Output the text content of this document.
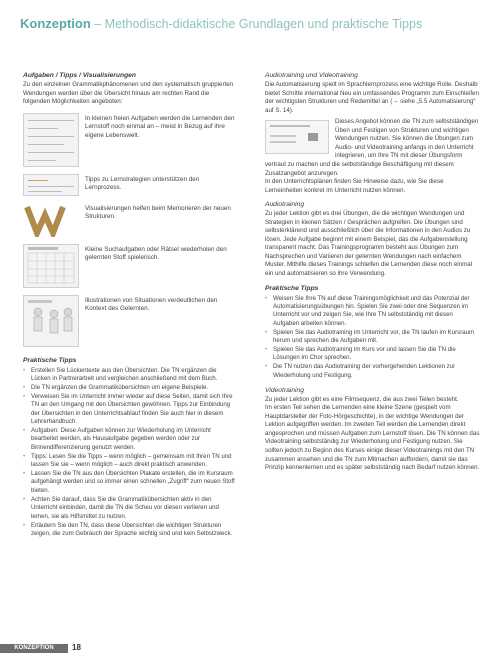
Konzeption – Methodisch-didaktische Grundlagen und praktische Tipps

Aufgaben / Tipps / Visualisierungen

Zu den einzelnen Grammatikphänomenen und den systematisch gruppierten Wendungen werden über die Übersicht hinaus am rechten Rand die folgenden Möglichkeiten angeboten:

In kleinen freien Aufgaben werden die Lernenden den Lernstoff noch einmal an – meist in Bezug auf ihre eigene Lebenswelt.
Tipps zu Lernstrategien unterstützen den Lernprozess.
Visualisierungen helfen beim Memorieren der neuen Strukturen.
Kleine Suchaufgaben oder Rätsel wiederholen den gelernten Stoff spielerisch.
Illustrationen von Situationen verdeutlichen den Kontext des Gelernten.

Praktische Tipps

• Erstellen Sie Lückentexte aus den Übersichten. Die TN ergänzen die Lücken in Partnerarbeit und vergleichen anschließend mit dem Buch.
• Die TN ergänzen die Grammatikübersichten um eigene Beispiele.
• Verweisen Sie im Unterricht immer wieder auf diese Seiten, damit sich Ihre TN an den Umgang mit den Übersichten gewöhnen. Tipps zur Einbindung der Übersichten in den Unterrichtsablauf finden Sie auch hier in diesem Lehrerhandbuch.
• Aufgaben: Diese Aufgaben können zur Wiederholung im Unterricht bearbeitet werden, als Hausaufgabe gegeben werden oder zur Binnendifferenzierung genutzt werden.
• Tipps: Lesen Sie die Tipps – wenn möglich – gemeinsam mit Ihren TN und lassen Sie sie – wenn möglich – auch direkt praktisch anwenden.
• Lassen Sie die TN aus den Übersichten Plakate erstellen, die im Kursraum aufgehängt werden und so immer einen schnellen „Zugriff“ zum neuen Stoff bieten.
• Achten Sie darauf, dass Sie die Grammatikübersichten aktiv in den Unterricht einbinden, damit die TN die Scheu vor diesen verlieren und lernen, sie als Hilfsmittel zu nutzen.
• Erläutern Sie den TN, dass diese Übersichten die wichtigen Strukturen zeigen, die zum Gebrauch der Sprache wichtig sind und kein Selbstzweck.

Audiotraining und Videotraining

Die Automatisierung spielt im Sprachlernprozess eine wichtige Rolle. Deshalb bietet Schritte international Neu ein umfassendes Programm zum Einschleifen der wichtigsten Strukturen und Redemittel an (→ siehe „5.5 Automatisierung“ auf S. 14).

Dieses Angebot können die TN zum selbstständigen Üben und Festigen von Strukturen und wichtigen Wendungen nutzen. Sie können die Übungen zum Audio- und Videotraining anfangs in den Unterricht integrieren, um Ihre TN mit dieser Übungsform vertraut zu machen und die selbstständige Beschäftigung mit diesem Zusatzangebot anzuregen.

In den Unterrichtsplänen finden Sie Hinweise dazu, wie Sie diese Lerneinheiten konkret im Unterricht nutzen können.

Audiotraining

Zu jeder Lektion gibt es drei Übungen, die die wichtigen Wendungen und Strategien in kleinen Sätzen / Gesprächen aufgreifen. Die Übungen sind selbsterklärend und ausschließlich über die Informationen in den Audios zu lösen. Jede Aufgabe beginnt mit einem Beispiel, das die Aufgabenstellung transparent macht. Das Trainingsprogramm besteht aus Übungen zum Nachsprechen und Variieren der gelernten Wendungen nach einfachem Muster. Mithilfe dieses Trainings schleifen die Lernenden diese noch einmal ein und automatisieren so ihre Verwendung.

Praktische Tipps

• Weisen Sie Ihre TN auf diese Trainingsmöglichkeit und das Potenzial der Automatisierungsübungen hin. Spielen Sie zwei oder drei Sequenzen im Unterricht vor und zeigen Sie, wie Ihre TN selbstständig mit diesen Aufgaben arbeiten können.
• Spielen Sie das Audiotraining im Unterricht vor, die TN laufen im Kursraum herum und sprechen die Aufgaben mit.
• Spielen Sie das Audiotraining im Kurs vor und lassen Sie die TN die Lösungen im Chor sprechen.
• Die TN nutzen das Audiotraining der vorhergehenden Lektionen zur Wiederholung und Festigung.

Videotraining

Zu jeder Lektion gibt es eine Filmsequenz, die aus zwei Teilen besteht.
Im ersten Teil sehen die Lernenden eine kleine Szene (gespielt vom Hauptdarsteller der Foto-Hörgeschichte), in der wichtige Wendungen der Lektion aufgegriffen werden. Im zweiten Teil werden die Lernenden direkt angesprochen und müssen Aufgaben zum Lernstoff lösen. Die TN können das Videotraining selbstständig zur Wiederholung und Festigung nutzen. Sie sollten jedoch zu Beginn des Kurses einige dieser Videotrainings mit den TN zusammen ansehen und die TN zum Mitmachen auffordern, damit sie das Prinzip kennenlernen und es später selbstständig nach Bedarf nutzen können.

KONZEPTION	18
